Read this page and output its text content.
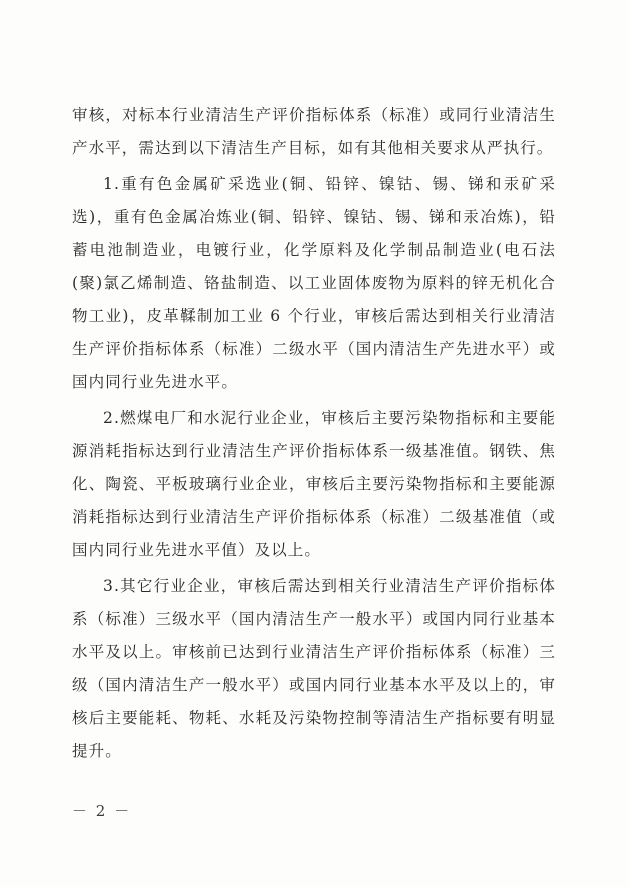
审核，对标本行业清洁生产评价指标体系（标准）或同行业清洁生产水平，需达到以下清洁生产目标，如有其他相关要求从严执行。

1.重有色金属矿采选业(铜、铅锌、镍钴、锡、锑和汞矿采选)，重有色金属冶炼业(铜、铅锌、镍钴、锡、锑和汞冶炼)，铅蓄电池制造业，电镀行业，化学原料及化学制品制造业(电石法(聚)氯乙烯制造、铬盐制造、以工业固体废物为原料的锌无机化合物工业)，皮革鞣制加工业 6 个行业，审核后需达到相关行业清洁生产评价指标体系（标准）二级水平（国内清洁生产先进水平）或国内同行业先进水平。

2.燃煤电厂和水泥行业企业，审核后主要污染物指标和主要能源消耗指标达到行业清洁生产评价指标体系一级基准值。钢铁、焦化、陶瓷、平板玻璃行业企业，审核后主要污染物指标和主要能源消耗指标达到行业清洁生产评价指标体系（标准）二级基准值（或国内同行业先进水平值）及以上。

3.其它行业企业，审核后需达到相关行业清洁生产评价指标体系（标准）三级水平（国内清洁生产一般水平）或国内同行业基本水平及以上。审核前已达到行业清洁生产评价指标体系（标准）三级（国内清洁生产一般水平）或国内同行业基本水平及以上的，审核后主要能耗、物耗、水耗及污染物控制等清洁生产指标要有明显提升。

－ 2 －
